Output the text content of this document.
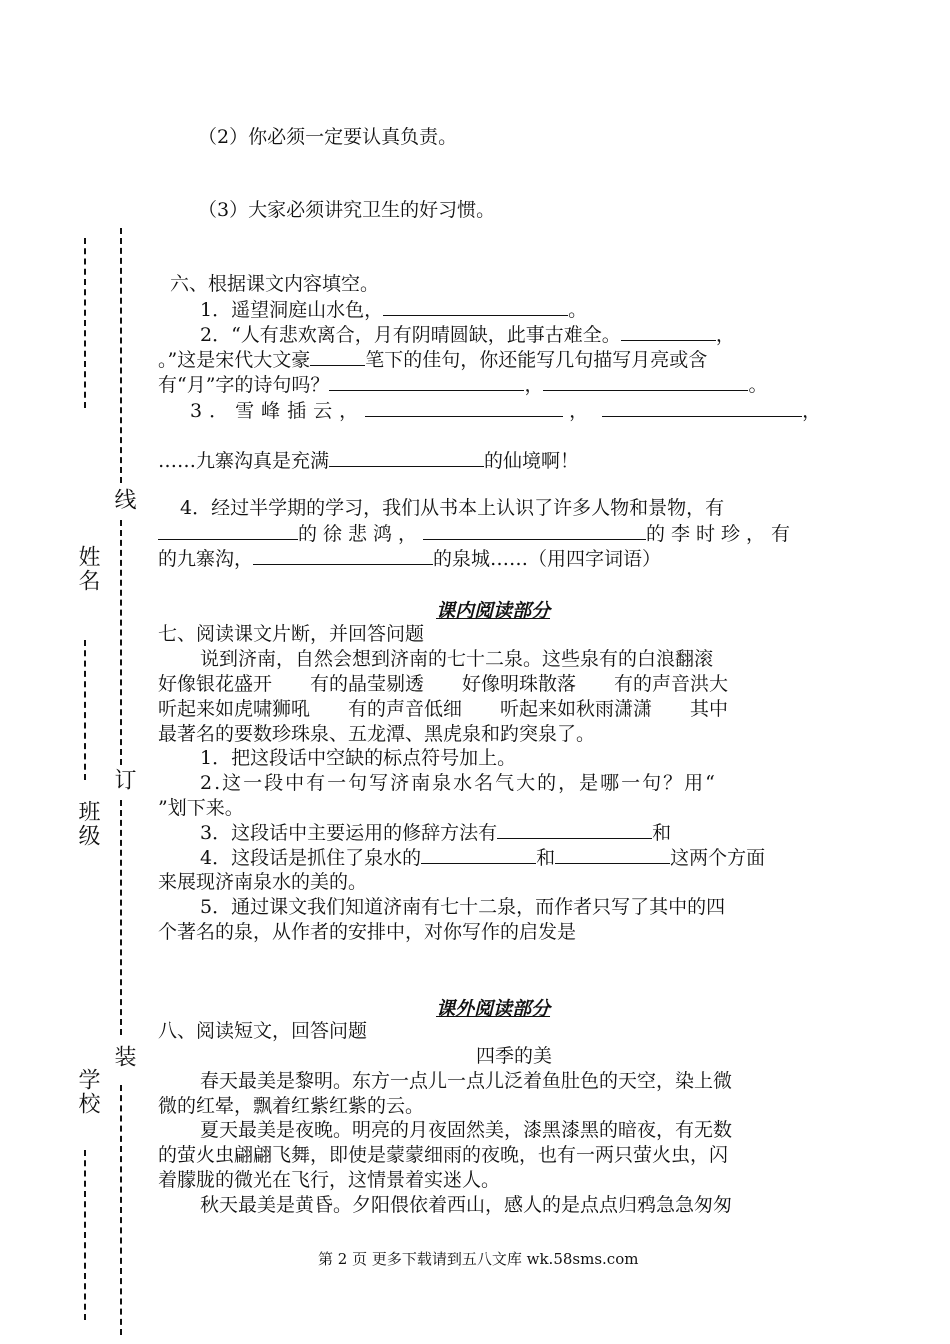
姓名
班级
学校
线
订
装
（2）你必须一定要认真负责。
（3）大家必须讲究卫生的好习惯。
六、根据课文内容填空。
1．遥望洞庭山水色，	。
2．“人有悲欢离合，月有阴晴圆缺，此事古难全。	，
。”这是宋代大文豪	笔下的佳句，你还能写几句描写月亮或含
有“月”字的诗句吗？	，	。
3．雪峰插云，	，	，
……九寨沟真是充满	的仙境啊！
4．经过半学期的学习，我们从书本上认识了许多人物和景物，有
的徐悲鸿，	的李时珍，有
的九寨沟，	的泉城……（用四字词语）
课内阅读部分
七、阅读课文片断，并回答问题
说到济南，自然会想到济南的七十二泉。这些泉有的白浪翻滚
好像银花盛开　　有的晶莹剔透　　好像明珠散落　　有的声音洪大
听起来如虎啸狮吼　　有的声音低细　　听起来如秋雨潇潇　　其中
最著名的要数珍珠泉、五龙潭、黑虎泉和趵突泉了。
1．把这段话中空缺的标点符号加上。
2.这一段中有一句写济南泉水名气大的，是哪一句？用“
”划下来。
3．这段话中主要运用的修辞方法有	和
4．这段话是抓住了泉水的	和	这两个方面
来展现济南泉水的美的。
5．通过课文我们知道济南有七十二泉，而作者只写了其中的四
个著名的泉，从作者的安排中，对你写作的启发是
课外阅读部分
八、阅读短文，回答问题
四季的美
春天最美是黎明。东方一点儿一点儿泛着鱼肚色的天空，染上微
微的红晕，飘着红紫红紫的云。
夏天最美是夜晚。明亮的月夜固然美，漆黑漆黑的暗夜，有无数
的萤火虫翩翩飞舞，即使是蒙蒙细雨的夜晚，也有一两只萤火虫，闪
着朦胧的微光在飞行，这情景着实迷人。
秋天最美是黄昏。夕阳偎依着西山，感人的是点点归鸦急急匆匆
第 2 页 更多下载请到五八文库 wk.58sms.com
